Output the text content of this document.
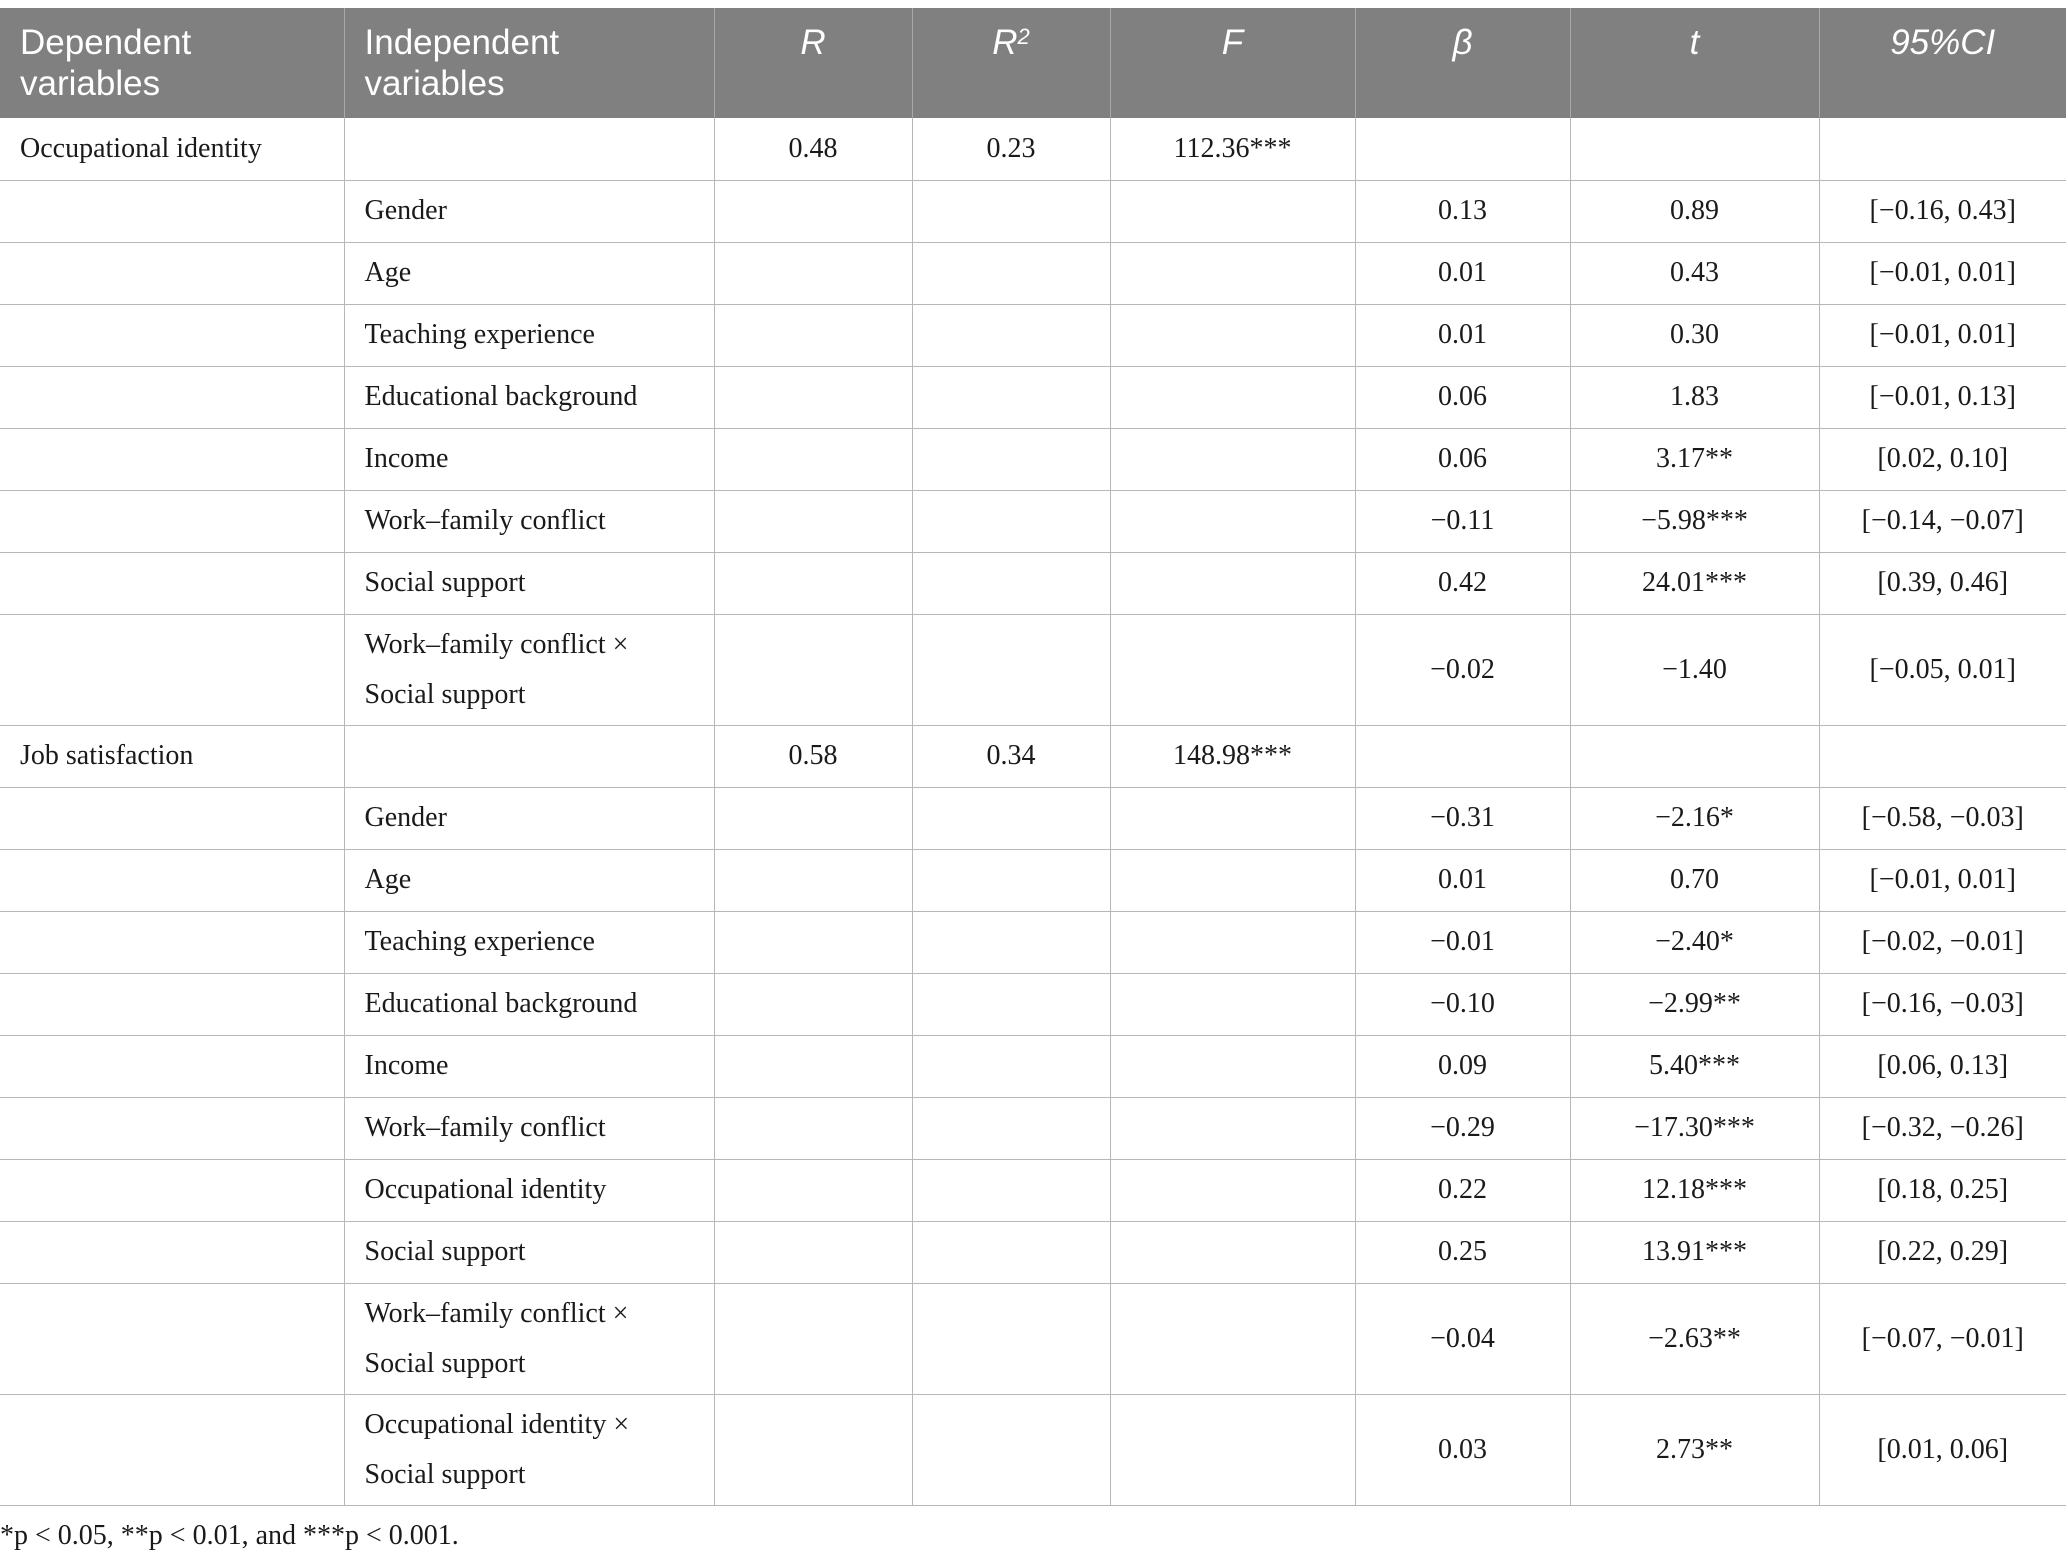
Dependent variables	Independent variables	R	$R^2$	F	β	t	95%CI
Occupational identity		0.48	0.23	112.36***			
	Gender				0.13	0.89	[−0.16, 0.43]
	Age				0.01	0.43	[−0.01, 0.01]
	Teaching experience				0.01	0.30	[−0.01, 0.01]
	Educational background				0.06	1.83	[−0.01, 0.13]
	Income				0.06	3.17**	[0.02, 0.10]
	Work–family conflict				−0.11	−5.98***	[−0.14, −0.07]
	Social support				0.42	24.01***	[0.39, 0.46]
	Work–family conflict × Social support				−0.02	−1.40	[−0.05, 0.01]
Job satisfaction		0.58	0.34	148.98***			
	Gender				−0.31	−2.16*	[−0.58, −0.03]
	Age				0.01	0.70	[−0.01, 0.01]
	Teaching experience				−0.01	−2.40*	[−0.02, −0.01]
	Educational background				−0.10	−2.99**	[−0.16, −0.03]
	Income				0.09	5.40***	[0.06, 0.13]
	Work–family conflict				−0.29	−17.30***	[−0.32, −0.26]
	Occupational identity				0.22	12.18***	[0.18, 0.25]
	Social support				0.25	13.91***	[0.22, 0.29]
	Work–family conflict × Social support				−0.04	−2.63**	[−0.07, −0.01]
	Occupational identity × Social support				0.03	2.73**	[0.01, 0.06]
*p < 0.05, **p < 0.01, and ***p < 0.001.
